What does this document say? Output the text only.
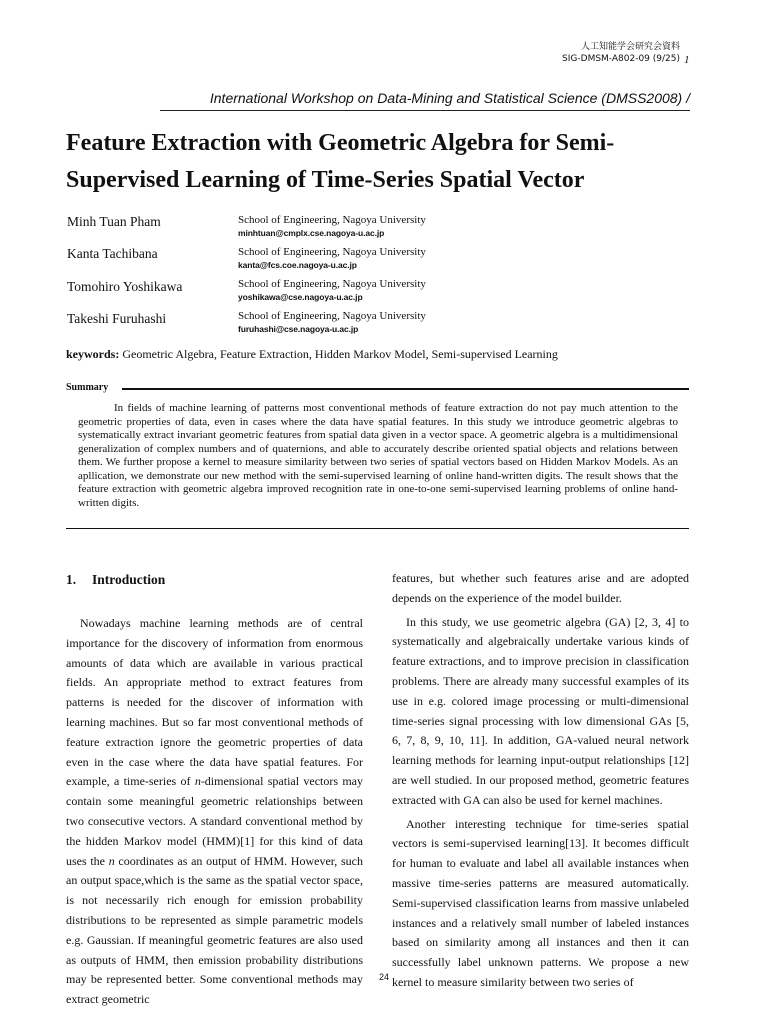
人工知能学会研究会資料
SIG-DMSM-A802-09 (9/25) 1
International Workshop on Data-Mining and Statistical Science (DMSS2008) /
Feature Extraction with Geometric Algebra for Semi-
Supervised Learning of Time-Series Spatial Vector
Minh Tuan Pham	School of Engineering, Nagoya University
minhtuan@cmplx.cse.nagoya-u.ac.jp
Kanta Tachibana	School of Engineering, Nagoya University
kanta@fcs.coe.nagoya-u.ac.jp
Tomohiro Yoshikawa	School of Engineering, Nagoya University
yoshikawa@cse.nagoya-u.ac.jp
Takeshi Furuhashi	School of Engineering, Nagoya University
furuhashi@cse.nagoya-u.ac.jp
keywords: Geometric Algebra, Feature Extraction, Hidden Markov Model, Semi-supervised Learning
Summary

In fields of machine learning of patterns most conventional methods of feature extraction do not pay much attention to the geometric properties of data, even in cases where the data have spatial features. In this study we introduce geometric algebras to systematically extract invariant geometric features from spatial data given in a vector space. A geometric algebra is a multidimensional generalization of complex numbers and of quaternions, and able to accurately describe oriented spatial objects and relations between them. We further propose a kernel to measure similarity between two series of spatial vectors based on Hidden Markov Models. As an apllication, we demonstrate our new method with the semi-supervised learning of online hand-written digits. The result shows that the feature extraction with geometric algebra improved recognition rate in one-to-one semi-supervised learning problems of online hand-written digits.

1. Introduction

Nowadays machine learning methods are of central importance for the discovery of information from enormous amounts of data which are available in various practical fields. An appropriate method to extract features from patterns is needed for the discover of information with learning machines. But so far most conventional methods of feature extraction ignore the geometric properties of data even in the case where the data have spatial features. For example, a time-series of n-dimensional spatial vectors may contain some meaningful geometric relationships between two consecutive vectors. A standard conventional method by the hidden Markov model (HMM)[1] for this kind of data uses the n coordinates as an output of HMM. However, such an output space,which is the same as the spatial vector space, is not necessarily rich enough for emission probability distributions to be represented as simple parametric models e.g. Gaussian. If meaningful geometric features are also used as outputs of HMM, then emission probability distributions may be represented better. Some conventional methods may extract geometric

features, but whether such features arise and are adopted depends on the experience of the model builder.

In this study, we use geometric algebra (GA) [2, 3, 4] to systematically and algebraically undertake various kinds of feature extractions, and to improve precision in classification problems. There are already many successful examples of its use in e.g. colored image processing or multi-dimensional time-series signal processing with low dimensional GAs [5, 6, 7, 8, 9, 10, 11]. In addition, GA-valued neural network learning methods for learning input-output relationships [12] are well studied. In our proposed method, geometric features extracted with GA can also be used for kernel machines.

Another interesting technique for time-series spatial vectors is semi-supervised learning[13]. It becomes difficult for human to evaluate and label all available instances when massive time-series patterns are measured automatically. Semi-supervised classification learns from massive unlabeled instances and a relatively small number of labeled instances based on similarity among all instances and then it can successfully label unknown patterns. We propose a new kernel to measure similarity between two series of

24
